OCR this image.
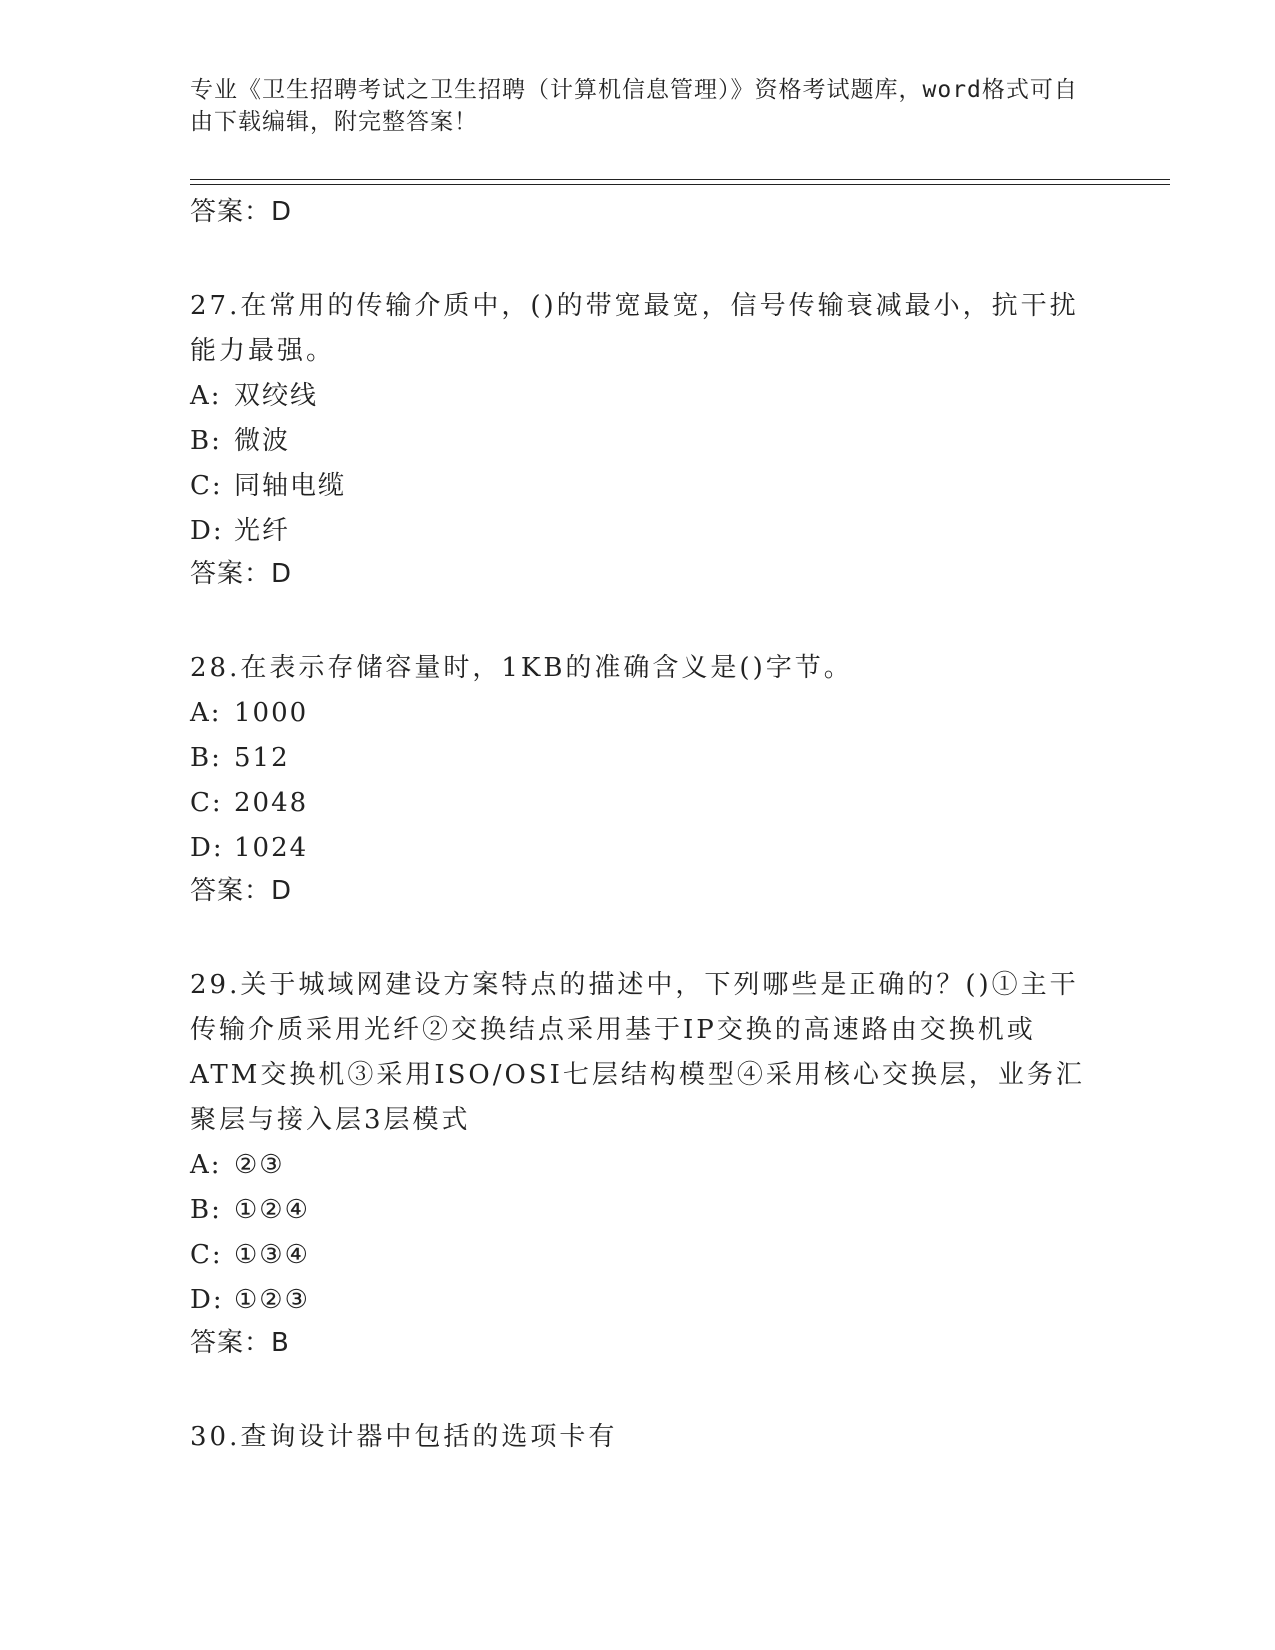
专业《卫生招聘考试之卫生招聘（计算机信息管理）》资格考试题库，word格式可自由下载编辑，附完整答案！
答案：D
27.在常用的传输介质中，()的带宽最宽，信号传输衰减最小，抗干扰能力最强。
A: 双绞线
B: 微波
C: 同轴电缆
D: 光纤
答案：D
28.在表示存储容量时，1KB的准确含义是()字节。
A: 1000
B: 512
C: 2048
D: 1024
答案：D
29.关于城域网建设方案特点的描述中，下列哪些是正确的？()①主干传输介质采用光纤②交换结点采用基于IP交换的高速路由交换机或ATM交换机③采用ISO/OSI七层结构模型④采用核心交换层，业务汇聚层与接入层3层模式
A: ②③
B: ①②④
C: ①③④
D: ①②③
答案：B
30.查询设计器中包括的选项卡有
